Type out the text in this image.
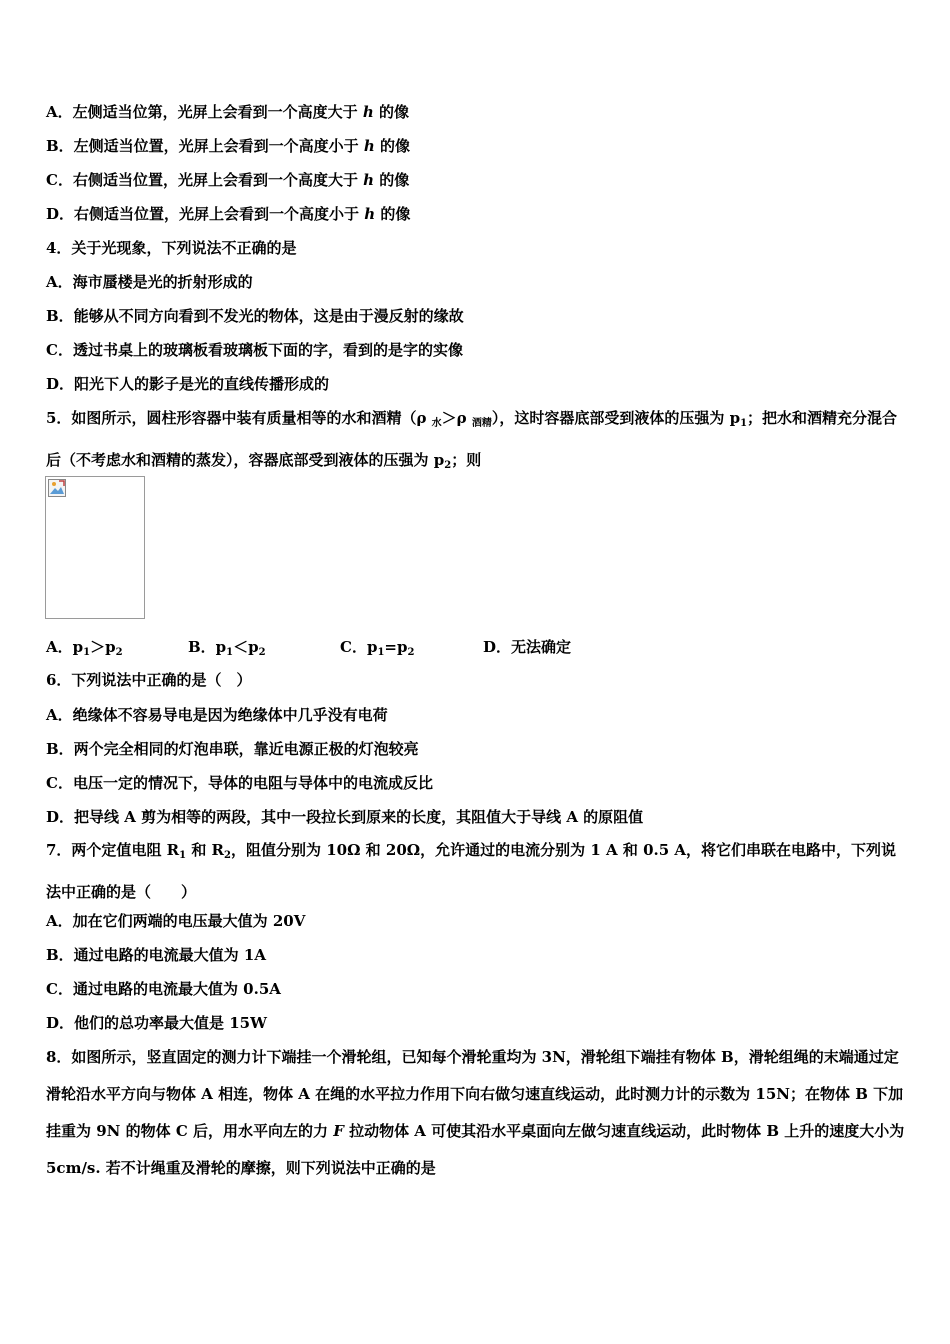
A．左侧适当位第，光屏上会看到一个高度大于 h 的像
B．左侧适当位置，光屏上会看到一个高度小于 h 的像
C．右侧适当位置，光屏上会看到一个高度大于 h 的像
D．右侧适当位置，光屏上会看到一个高度小于 h 的像
4．关于光现象，下列说法不正确的是
A．海市蜃楼是光的折射形成的
B．能够从不同方向看到不发光的物体，这是由于漫反射的缘故
C．透过书桌上的玻璃板看玻璃板下面的字，看到的是字的实像
D．阳光下人的影子是光的直线传播形成的
5．如图所示，圆柱形容器中装有质量相等的水和酒精（ρ $_水$＞ρ $_{酒精}$），这时容器底部受到液体的压强为 $p_1$；把水和酒精充分混合后（不考虑水和酒精的蒸发），容器底部受到液体的压强为 $p_2$；则
A．$p_1>p_2$	B．$p_1<p_2$	C．$p_1=p_2$	D．无法确定
6．下列说法中正确的是（　）
A．绝缘体不容易导电是因为绝缘体中几乎没有电荷
B．两个完全相同的灯泡串联，靠近电源正极的灯泡较亮
C．电压一定的情况下，导体的电阻与导体中的电流成反比
D．把导线 A 剪为相等的两段，其中一段拉长到原来的长度，其阻值大于导线 A 的原阻值
7．两个定值电阻 $R_1$ 和 $R_2$，阻值分别为 10Ω 和 20Ω，允许通过的电流分别为 1 A 和 0.5 A，将它们串联在电路中，下列说法中正确的是（　　）
A．加在它们两端的电压最大值为 20V
B．通过电路的电流最大值为 1A
C．通过电路的电流最大值为 0.5A
D．他们的总功率最大值是 15W
8．如图所示，竖直固定的测力计下端挂一个滑轮组，已知每个滑轮重均为 3N，滑轮组下端挂有物体 B，滑轮组绳的末端通过定滑轮沿水平方向与物体 A 相连，物体 A 在绳的水平拉力作用下向右做匀速直线运动，此时测力计的示数为 15N；在物体 B 下加挂重为 9N 的物体 C 后，用水平向左的力 F 拉动物体 A 可使其沿水平桌面向左做匀速直线运动，此时物体 B 上升的速度大小为 5cm/s. 若不计绳重及滑轮的摩擦，则下列说法中正确的是
